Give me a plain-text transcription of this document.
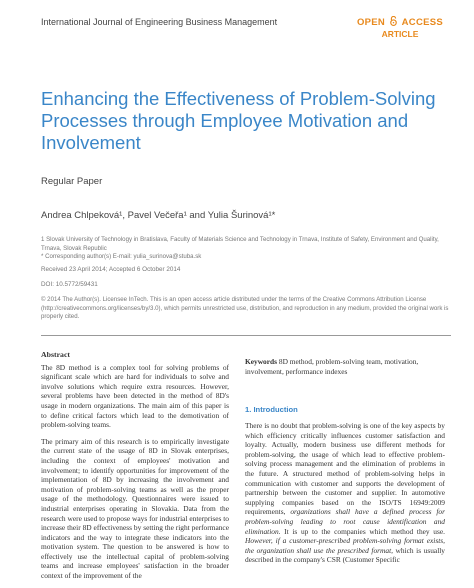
International Journal of Engineering Business Management	OPEN ACCESS
ARTICLE
Enhancing the Effectiveness of Problem-Solving Processes through Employee Motivation and Involvement
Regular Paper
Andrea Chlpeková¹, Pavel Večeřa¹ and Yulia Šurinová¹*
1 Slovak University of Technology in Bratislava, Faculty of Materials Science and Technology in Trnava, Institute of Safety, Environment and Quality, Trnava, Slovak Republic
* Corresponding author(s) E-mail: yulia_surinova@stuba.sk
Received 23 April 2014; Accepted 6 October 2014
DOI: 10.5772/59431
© 2014 The Author(s). Licensee InTech. This is an open access article distributed under the terms of the Creative Commons Attribution License (http://creativecommons.org/licenses/by/3.0), which permits unrestricted use, distribution, and reproduction in any medium, provided the original work is properly cited.
Abstract

The 8D method is a complex tool for solving problems of significant scale which are hard for individuals to solve and involve solutions which require extra resources. However, several problems have been detected in the method of 8D's usage in modern organizations. The main aim of this paper is to define critical factors which lead to the demotivation of problem-solving teams.

The primary aim of this research is to empirically investigate the current state of the usage of 8D in Slovak enterprises, including the context of employees' motivation and involvement; to identify opportunities for improvement of the implementation of 8D by increasing the involvement and motivation of problem-solving teams as well as the proper usage of the methodology. Questionnaires were issued to industrial enterprises operating in Slovakia. Data from the research were used to propose ways for industrial enterprises to increase their 8D effectiveness by setting the right performance indicators and the way to integrate these indicators into the motivation system. The question to be answered is how to effectively use the intellectual capital of problem-solving teams and increase employees' satisfaction in the broader context of the improvement of the

Keywords 8D method, problem-solving team, motivation, involvement, performance indexes
1. Introduction
There is no doubt that problem-solving is one of the key aspects by which efficiency critically influences customer satisfaction and loyalty. Actually, modern business use different methods for problem-solving, the usage of which lead to effective problem-solving process management and the elimination of problems in the future. A structured method of problem-solving helps in communication with customer and supports the development of partnership between the customer and supplier. In automotive supplying companies based on the ISO/TS 16949:2009 requirements, organizations shall have a defined process for problem-solving leading to root cause identification and elimination. It is up to the companies which method they use. However, if a customer-prescribed problem-solving format exists, the organization shall use the prescribed format, which is usually described in the company's CSR (Customer Specific
